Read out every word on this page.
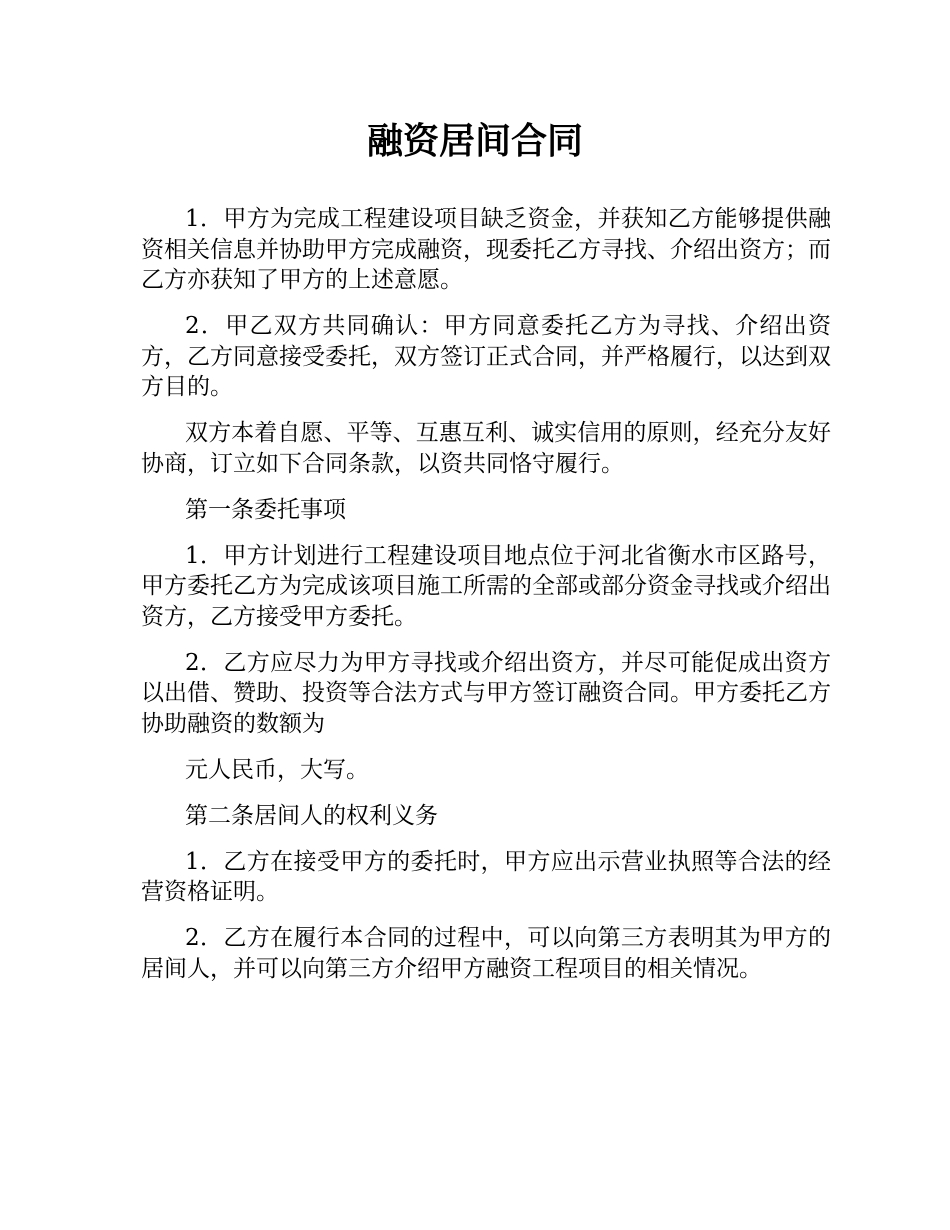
融资居间合同

1．甲方为完成工程建设项目缺乏资金，并获知乙方能够提供融资相关信息并协助甲方完成融资，现委托乙方寻找、介绍出资方；而乙方亦获知了甲方的上述意愿。

2．甲乙双方共同确认：甲方同意委托乙方为寻找、介绍出资方，乙方同意接受委托，双方签订正式合同，并严格履行，以达到双方目的。

双方本着自愿、平等、互惠互利、诚实信用的原则，经充分友好协商，订立如下合同条款，以资共同恪守履行。

第一条委托事项

1．甲方计划进行工程建设项目地点位于河北省衡水市区路号，甲方委托乙方为完成该项目施工所需的全部或部分资金寻找或介绍出资方，乙方接受甲方委托。

2．乙方应尽力为甲方寻找或介绍出资方，并尽可能促成出资方以出借、赞助、投资等合法方式与甲方签订融资合同。甲方委托乙方协助融资的数额为

元人民币，大写。

第二条居间人的权利义务

1．乙方在接受甲方的委托时，甲方应出示营业执照等合法的经营资格证明。

2．乙方在履行本合同的过程中，可以向第三方表明其为甲方的居间人，并可以向第三方介绍甲方融资工程项目的相关情况。
